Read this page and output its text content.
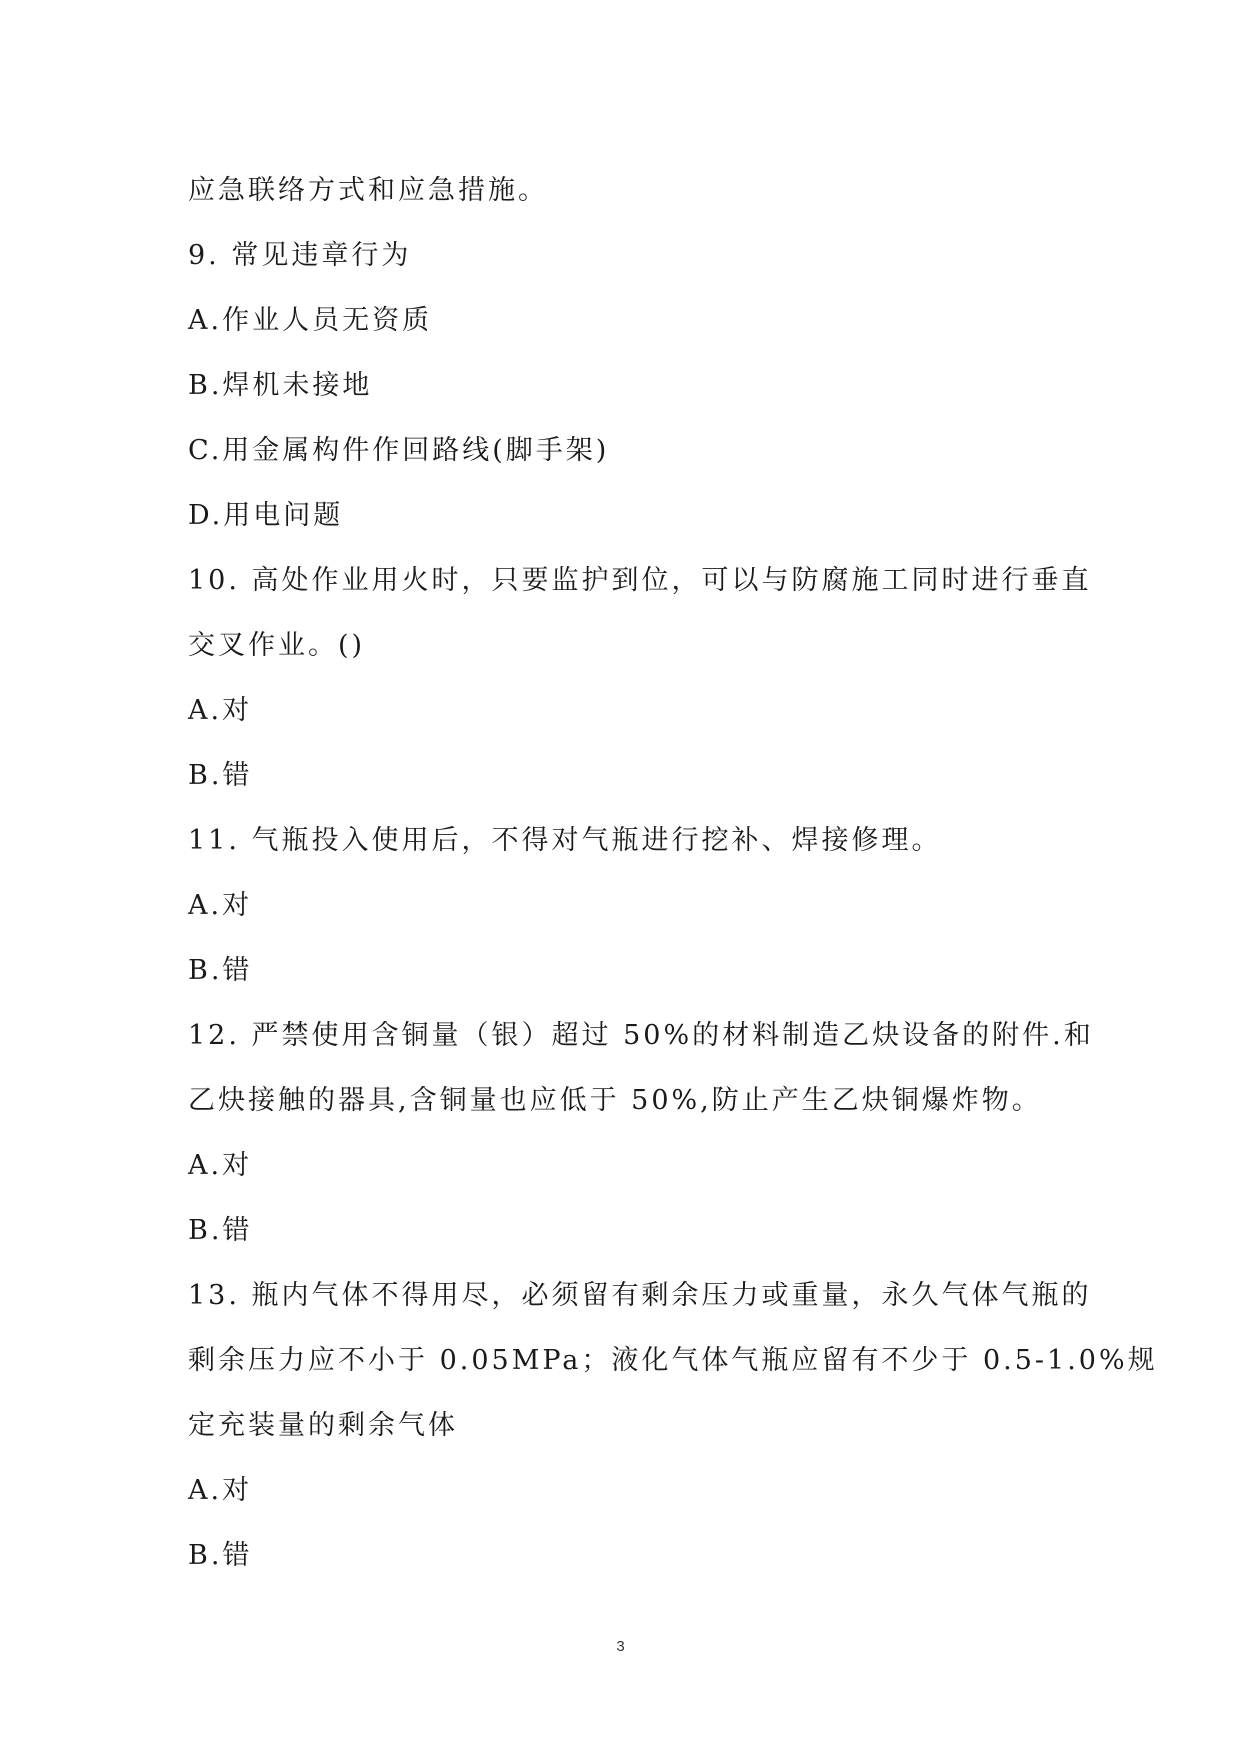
应急联络方式和应急措施。
9. 常见违章行为
A.作业人员无资质
B.焊机未接地
C.用金属构件作回路线(脚手架)
D.用电问题
10. 高处作业用火时，只要监护到位，可以与防腐施工同时进行垂直
交叉作业。()
A.对
B.错
11. 气瓶投入使用后，不得对气瓶进行挖补、焊接修理。
A.对
B.错
12. 严禁使用含铜量（银）超过 50%的材料制造乙炔设备的附件.和
乙炔接触的器具,含铜量也应低于 50%,防止产生乙炔铜爆炸物。
A.对
B.错
13. 瓶内气体不得用尽，必须留有剩余压力或重量，永久气体气瓶的
剩余压力应不小于 0.05MPa；液化气体气瓶应留有不少于 0.5-1.0%规
定充装量的剩余气体
A.对
B.错
3
